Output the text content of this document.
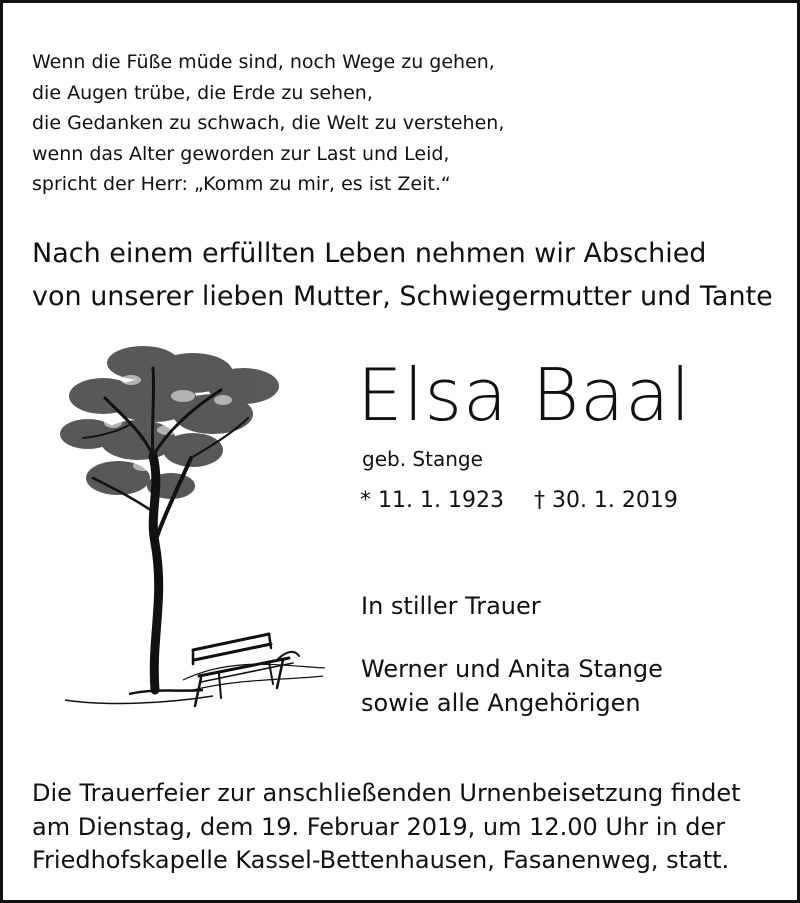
Wenn die Füße müde sind, noch Wege zu gehen,
die Augen trübe, die Erde zu sehen,
die Gedanken zu schwach, die Welt zu verstehen,
wenn das Alter geworden zur Last und Leid,
spricht der Herr: „Komm zu mir, es ist Zeit.“

Nach einem erfüllten Leben nehmen wir Abschied
von unserer lieben Mutter, Schwiegermutter und Tante

Elsa Baal
geb. Stange
* 11. 1. 1923 † 30. 1. 2019
In stiller Trauer
Werner und Anita Stange
sowie alle Angehörigen

Die Trauerfeier zur anschließenden Urnenbeisetzung findet
am Dienstag, dem 19. Februar 2019, um 12.00 Uhr in der
Friedhofskapelle Kassel-Bettenhausen, Fasanenweg, statt.
